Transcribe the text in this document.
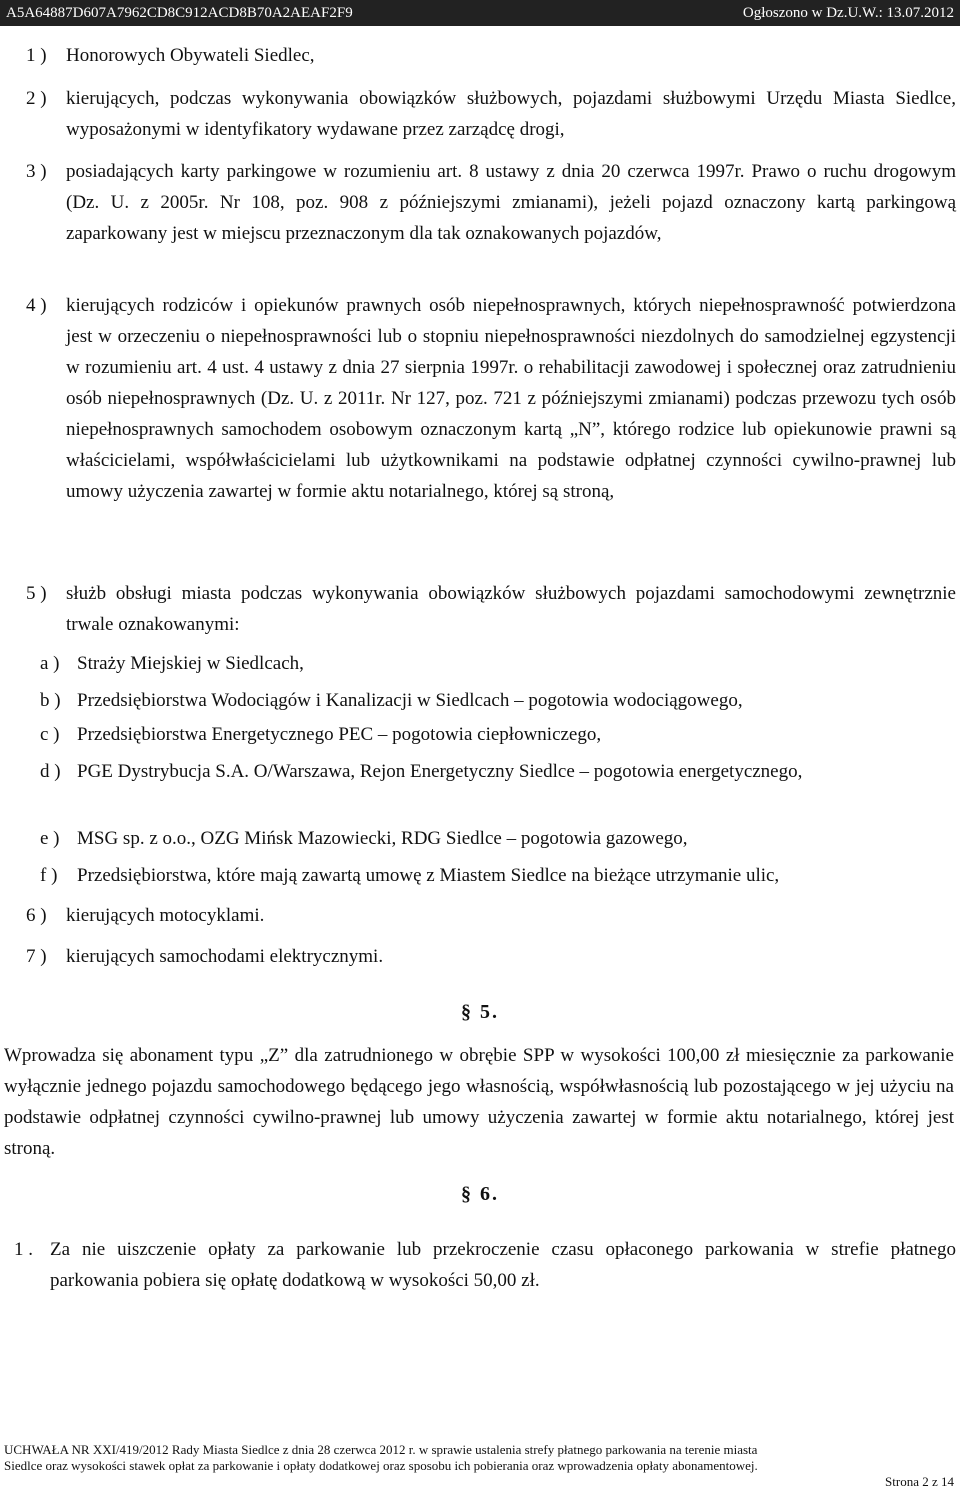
A5A64887D607A7962CD8C912ACD8B70A2AEAF2F9	Ogłoszono w Dz.U.W.: 13.07.2012
1 )	Honorowych Obywateli Siedlec,
2 )	kierujących, podczas wykonywania obowiązków służbowych, pojazdami służbowymi Urzędu Miasta Siedlce, wyposażonymi w identyfikatory wydawane przez zarządcę drogi,
3 )	posiadających karty parkingowe w rozumieniu art. 8 ustawy z dnia 20 czerwca 1997r. Prawo o ruchu drogowym (Dz. U. z 2005r. Nr 108, poz. 908 z późniejszymi zmianami), jeżeli pojazd oznaczony kartą parkingową zaparkowany jest w miejscu przeznaczonym dla tak oznakowanych pojazdów,
4 )	kierujących rodziców i opiekunów prawnych osób niepełnosprawnych, których niepełnosprawność potwierdzona jest w orzeczeniu o niepełnosprawności lub o stopniu niepełnosprawności niezdolnych do samodzielnej egzystencji w rozumieniu art. 4 ust. 4 ustawy z dnia 27 sierpnia 1997r. o rehabilitacji zawodowej i społecznej oraz zatrudnieniu osób niepełnosprawnych (Dz. U. z 2011r. Nr 127, poz. 721 z późniejszymi zmianami) podczas przewozu tych osób niepełnosprawnych samochodem osobowym oznaczonym kartą „N”, którego rodzice lub opiekunowie prawni są właścicielami, współwłaścicielami lub użytkownikami na podstawie odpłatnej czynności cywilno-prawnej lub umowy użyczenia zawartej w formie aktu notarialnego, której są stroną,
5 )	służb obsługi miasta podczas wykonywania obowiązków służbowych pojazdami samochodowymi zewnętrznie trwale oznakowanymi:
a ) Straży Miejskiej w Siedlcach,
b ) Przedsiębiorstwa Wodociągów i Kanalizacji w Siedlcach – pogotowia wodociągowego,
c ) Przedsiębiorstwa Energetycznego PEC – pogotowia ciepłowniczego,
d ) PGE Dystrybucja S.A. O/Warszawa, Rejon Energetyczny Siedlce – pogotowia energetycznego,
e ) MSG sp. z o.o., OZG Mińsk Mazowiecki, RDG Siedlce – pogotowia gazowego,
f )	Przedsiębiorstwa, które mają zawartą umowę z Miastem Siedlce na bieżące utrzymanie ulic,
6 )	kierujących motocyklami.
7 )	kierujących samochodami elektrycznymi.
§ 5.
Wprowadza się abonament typu „Z” dla zatrudnionego w obrębie SPP w wysokości 100,00 zł miesięcznie za parkowanie wyłącznie jednego pojazdu samochodowego będącego jego własnością, współwłasnością lub pozostającego w jej użyciu na podstawie odpłatnej czynności cywilno-prawnej lub umowy użyczenia zawartej w formie aktu notarialnego, której jest stroną.
§ 6.
1 . Za nie uiszczenie opłaty za parkowanie lub przekroczenie czasu opłaconego parkowania w strefie płatnego parkowania pobiera się opłatę dodatkową w wysokości 50,00 zł.
UCHWAŁA NR XXI/419/2012 Rady Miasta Siedlce z dnia 28 czerwca 2012 r. w sprawie ustalenia strefy płatnego parkowania na terenie miasta
Siedlce oraz wysokości stawek opłat za parkowanie i opłaty dodatkowej oraz sposobu ich pobierania oraz wprowadzenia opłaty abonamentowej.
Strona 2 z 14
